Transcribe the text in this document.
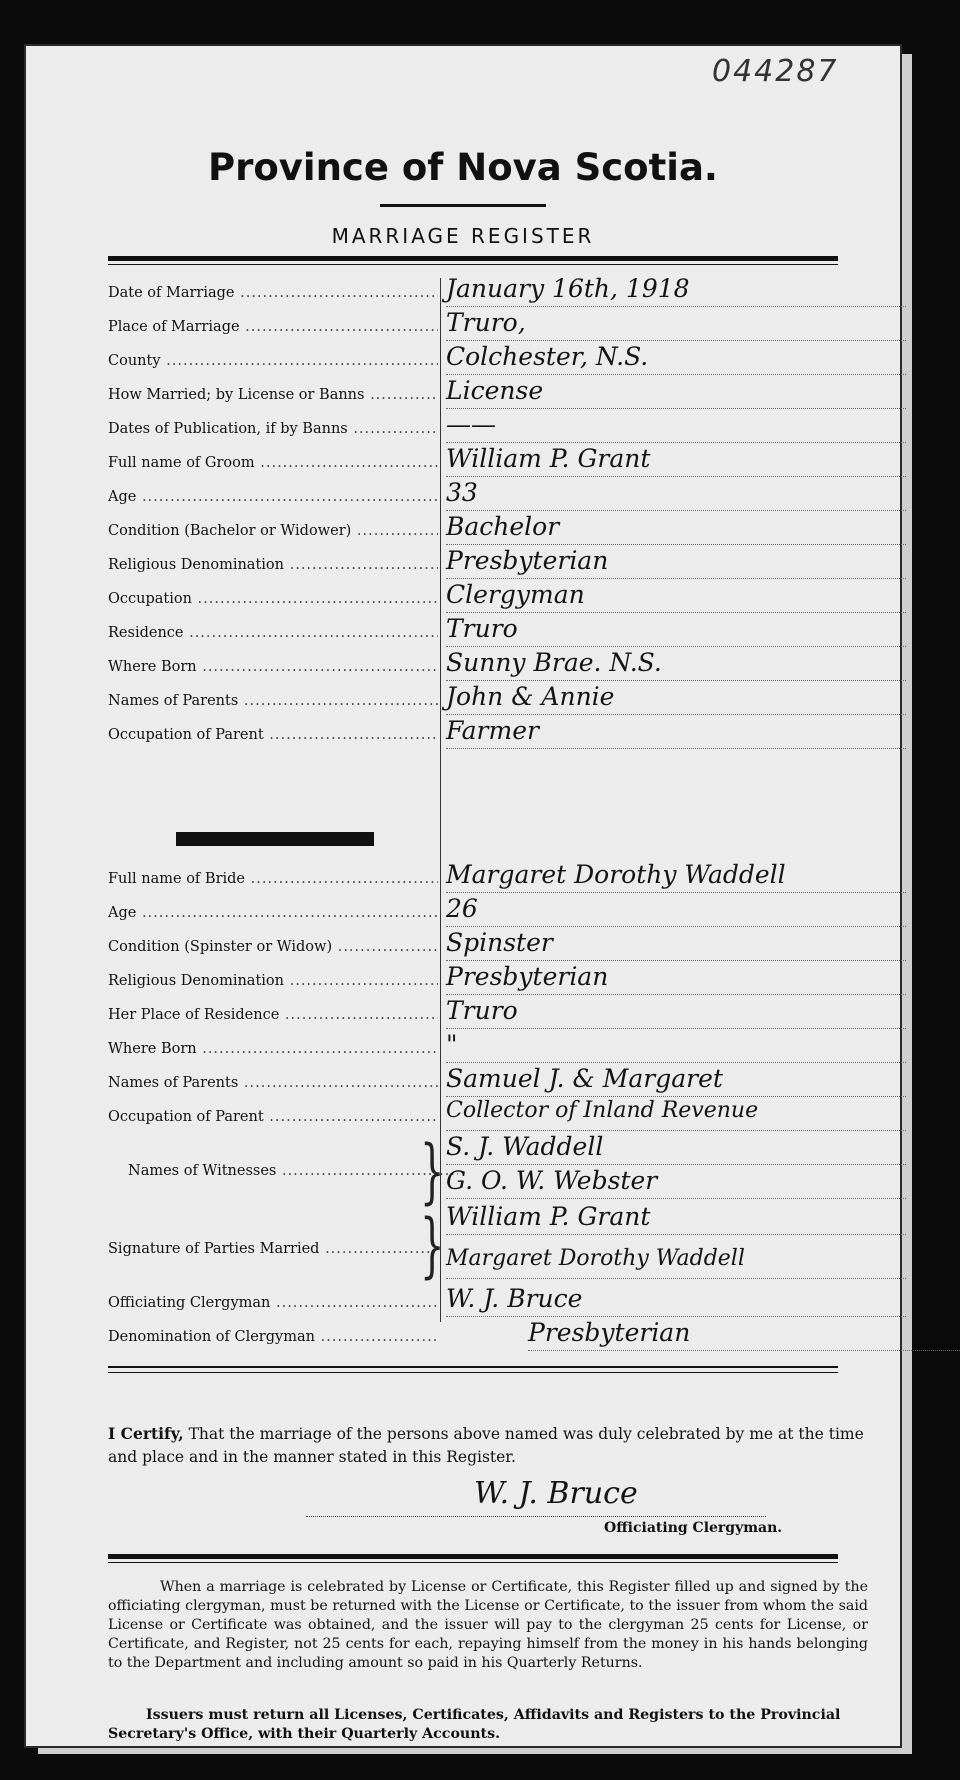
044287
Province of Nova Scotia.
MARRIAGE REGISTER
Date of Marriage .....	January 16th, 1918
Place of Marriage .....	Truro,
County .....	Colchester, N.S.
How Married; by License or Banns .....	License
Dates of Publication, if by Banns .....	——
Full name of Groom .....	William P. Grant
Age .....	33
Condition (Bachelor or Widower) .....	Bachelor
Religious Denomination .....	Presbyterian
Occupation .....	Clergyman
Residence .....	Truro
Where Born .....	Sunny Brae. N.S.
Names of Parents .....	John & Annie
Occupation of Parent .....	Farmer
Full name of Bride .....	Margaret Dorothy Waddell
Age .....	26
Condition (Spinster or Widow) .....	Spinster
Religious Denomination .....	Presbyterian
Her Place of Residence .....	Truro
Where Born .....	"
Names of Parents .....	Samuel J. & Margaret
Occupation of Parent .....	Collector of Inland Revenue
S. J. Waddell
Names of Witnesses .....	G. O. W. Webster
}
William P. Grant
Signature of Parties Married .....	Margaret Dorothy Waddell
}
Officiating Clergyman .....	W. J. Bruce
Denomination of Clergyman .....	Presbyterian
I Certify, That the marriage of the persons above named was duly celebrated by me at the time and place and in the manner stated in this Register.
W. J. Bruce
Officiating Clergyman.
When a marriage is celebrated by License or Certificate, this Register filled up and signed by the officiating clergyman, must be returned with the License or Certificate, to the issuer from whom the said License or Certificate was obtained, and the issuer will pay to the clergyman 25 cents for License, or Certificate, and Register, not 25 cents for each, repaying himself from the money in his hands belonging to the Department and including amount so paid in his Quarterly Returns.
Issuers must return all Licenses, Certificates, Affidavits and Registers to the Provincial Secretary's Office, with their Quarterly Accounts.
